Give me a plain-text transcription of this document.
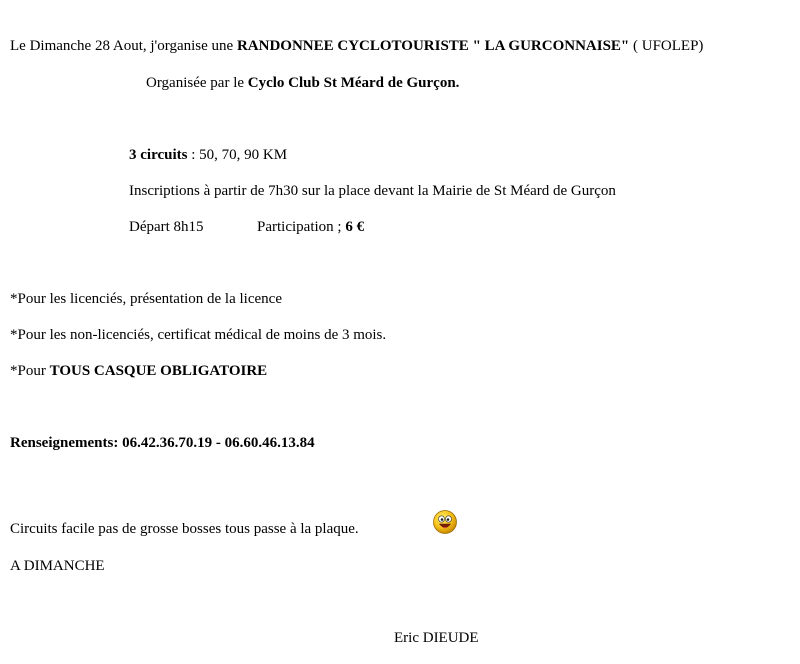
Le Dimanche 28 Aout, j'organise une RANDONNEE CYCLOTOURISTE " LA GURCONNAISE" ( UFOLEP)
Organisée par le Cyclo Club St Méard de Gurçon.
3 circuits : 50, 70, 90 KM
Inscriptions à partir de 7h30 sur la place devant la Mairie de St Méard de Gurçon
Départ 8h15	Participation ; 6 €
*Pour les licenciés, présentation de la licence
*Pour les non-licenciés, certificat médical de moins de 3 mois.
*Pour TOUS CASQUE OBLIGATOIRE
Renseignements: 06.42.36.70.19 - 06.60.46.13.84
Circuits facile pas de grosse bosses tous passe à la plaque.
A DIMANCHE
Eric DIEUDE
